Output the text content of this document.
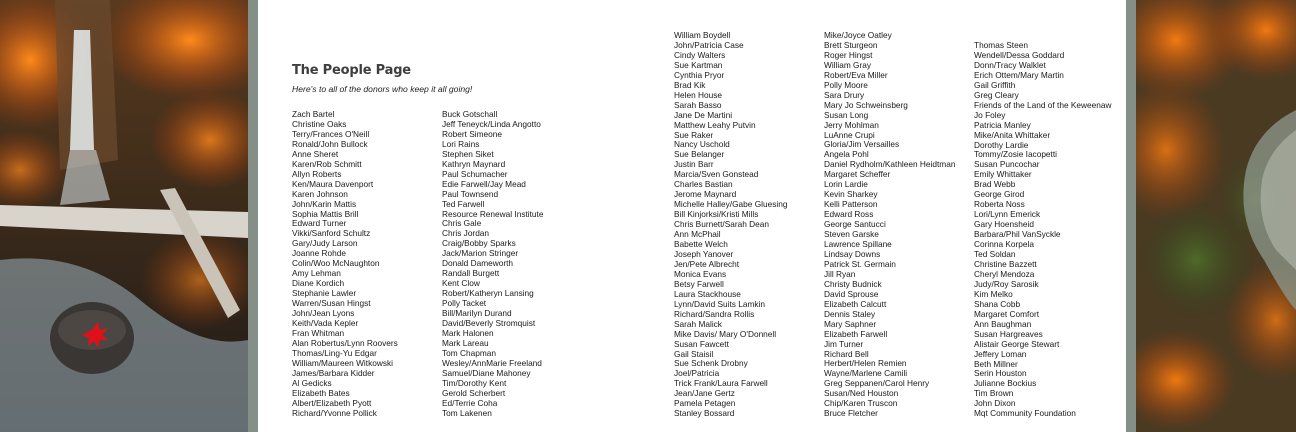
The People Page

Here's to all of the donors who keep it all going!

Zach Bartel
Christine Oaks
Terry/Frances O'Neill
Ronald/John Bullock
Anne Sheret
Karen/Rob Schmitt
Allyn Roberts
Ken/Maura Davenport
Karen Johnson
John/Karin Mattis
Sophia Mattis Brill
Edward Turner
Vikki/Sanford Schultz
Gary/Judy Larson
Joanne Rohde
Colin/Woo McNaughton
Amy Lehman
Diane Kordich
Stephanie Lawler
Warren/Susan Hingst
John/Jean Lyons
Keith/Vada Kepler
Fran Whitman
Alan Robertus/Lynn Roovers
Thomas/Ling-Yu Edgar
William/Maureen Witkowski
James/Barbara Kidder
Al Gedicks
Elizabeth Bates
Albert/Elizabeth Pyott
Richard/Yvonne Pollick
Buck Gotschall
Jeff Teneyck/Linda Angotto
Robert Simeone
Lori Rains
Stephen Siket
Kathryn Maynard
Paul Schumacher
Edie Farwell/Jay Mead
Paul Townsend
Ted Farwell
Resource Renewal Institute
Chris Gale
Chris Jordan
Craig/Bobby Sparks
Jack/Marion Stringer
Donald Dameworth
Randall Burgett
Kent Clow
Robert/Katheryn Lansing
Polly Tacket
Bill/Marilyn Durand
David/Beverly Stromquist
Mark Halonen
Mark Lareau
Tom Chapman
Wesley/AnnMarie Freeland
Samuel/Diane Mahoney
Tim/Dorothy Kent
Gerold Scherbert
Ed/Terrie Coha
Tom Lakenen
William Boydell
John/Patricia Case
Cindy Walters
Sue Kartman
Cynthia Pryor
Brad Kik
Helen House
Sarah Basso
Jane De Martini
Matthew Leahy Putvin
Sue Raker
Nancy Uschold
Sue Belanger
Justin Barr
Marcia/Sven Gonstead
Charles Bastian
Jerome Maynard
Michelle Halley/Gabe Gluesing
Bill Kinjorksi/Kristi Mills
Chris Burnett/Sarah Dean
Ann McPhail
Babette Welch
Joseph Yanover
Jen/Pete Albrecht
Monica Evans
Betsy Farwell
Laura Stackhouse
Lynn/David Suits Lamkin
Richard/Sandra Rollis
Sarah Malick
Mike Davis/ Mary O'Donnell
Susan Fawcett
Gail Staisil
Sue Schenk Drobny
Joel/Patricia
Trick Frank/Laura Farwell
Jean/Jane Gertz
Pamela Petagen
Stanley Bossard
Mike/Joyce Oatley
Brett Sturgeon
Roger Hingst
William Gray
Robert/Eva Miller
Polly Moore
Sara Drury
Mary Jo Schweinsberg
Susan Long
Jerry Mohlman
LuAnne Crupi
Gloria/Jim Versailles
Angela Pohl
Daniel Rydholm/Kathleen Heidtman
Margaret Scheffer
Lorin Lardie
Kevin Sharkey
Kelli Patterson
Edward Ross
George Santucci
Steven Garske
Lawrence Spillane
Lindsay Downs
Patrick St. Germain
Jill Ryan
Christy Budnick
David Sprouse
Elizabeth Calcutt
Dennis Staley
Mary Saphner
Elizabeth Farwell
Jim Turner
Richard Bell
Herbert/Helen Remien
Wayne/Marlene Camili
Greg Seppanen/Carol Henry
Susan/Ned Houston
Chip/Karen Truscon
Bruce Fletcher
Thomas Steen
Wendell/Dessa Goddard
Donn/Tracy Walklet
Erich Ottem/Mary Martin
Gail Griffith
Greg Cleary
Friends of the Land of the Keweenaw
Jo Foley
Patricia Manley
Mike/Anita Whittaker
Dorothy Lardie
Tommy/Zosie Iacopetti
Susan Puncochar
Emily Whittaker
Brad Webb
George Girod
Roberta Noss
Lori/Lynn Emerick
Gary Hoensheid
Barbara/Phil VanSyckle
Corinna Korpela
Ted Soldan
Christine Bazzett
Cheryl Mendoza
Judy/Roy Sarosik
Kim Melko
Shana Cobb
Margaret Comfort
Ann Baughman
Susan Hargreaves
Alistair George Stewart
Jeffery Loman
Beth Millner
Serin Houston
Julianne Bockius
Tim Brown
John Dixon
Mqt Community Foundation
